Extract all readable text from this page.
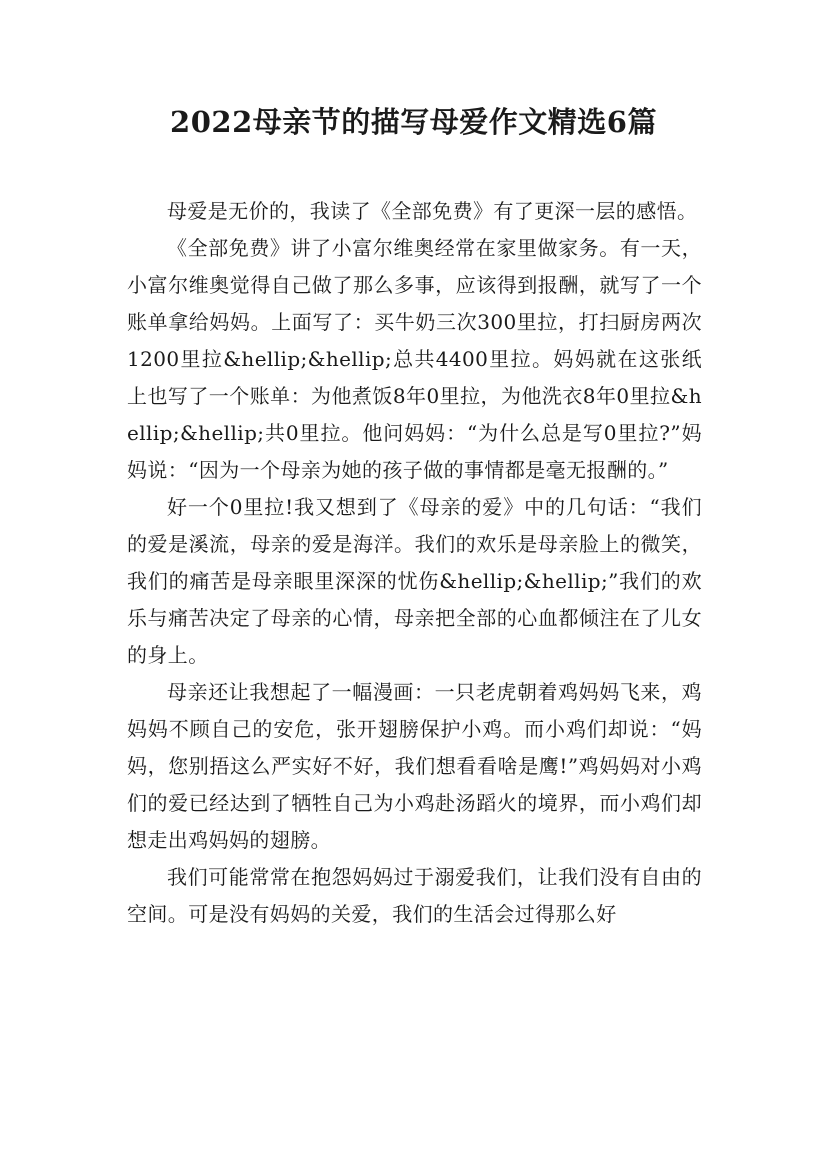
2022母亲节的描写母爱作文精选6篇

母爱是无价的，我读了《全部免费》有了更深一层的感悟。

《全部免费》讲了小富尔维奥经常在家里做家务。有一天，小富尔维奥觉得自己做了那么多事，应该得到报酬，就写了一个账单拿给妈妈。上面写了：买牛奶三次300里拉，打扫厨房两次1200里拉&hellip;&hellip;总共4400里拉。妈妈就在这张纸上也写了一个账单：为他煮饭8年0里拉，为他洗衣8年0里拉&hellip;&hellip;共0里拉。他问妈妈：“为什么总是写0里拉?”妈妈说：“因为一个母亲为她的孩子做的事情都是毫无报酬的。”

好一个0里拉!我又想到了《母亲的爱》中的几句话：“我们的爱是溪流，母亲的爱是海洋。我们的欢乐是母亲脸上的微笑，我们的痛苦是母亲眼里深深的忧伤&hellip;&hellip;”我们的欢乐与痛苦决定了母亲的心情，母亲把全部的心血都倾注在了儿女的身上。

母亲还让我想起了一幅漫画：一只老虎朝着鸡妈妈飞来，鸡妈妈不顾自己的安危，张开翅膀保护小鸡。而小鸡们却说：“妈妈，您别捂这么严实好不好，我们想看看啥是鹰!”鸡妈妈对小鸡们的爱已经达到了牺牲自己为小鸡赴汤蹈火的境界，而小鸡们却想走出鸡妈妈的翅膀。

我们可能常常在抱怨妈妈过于溺爱我们，让我们没有自由的空间。可是没有妈妈的关爱，我们的生活会过得那么好
